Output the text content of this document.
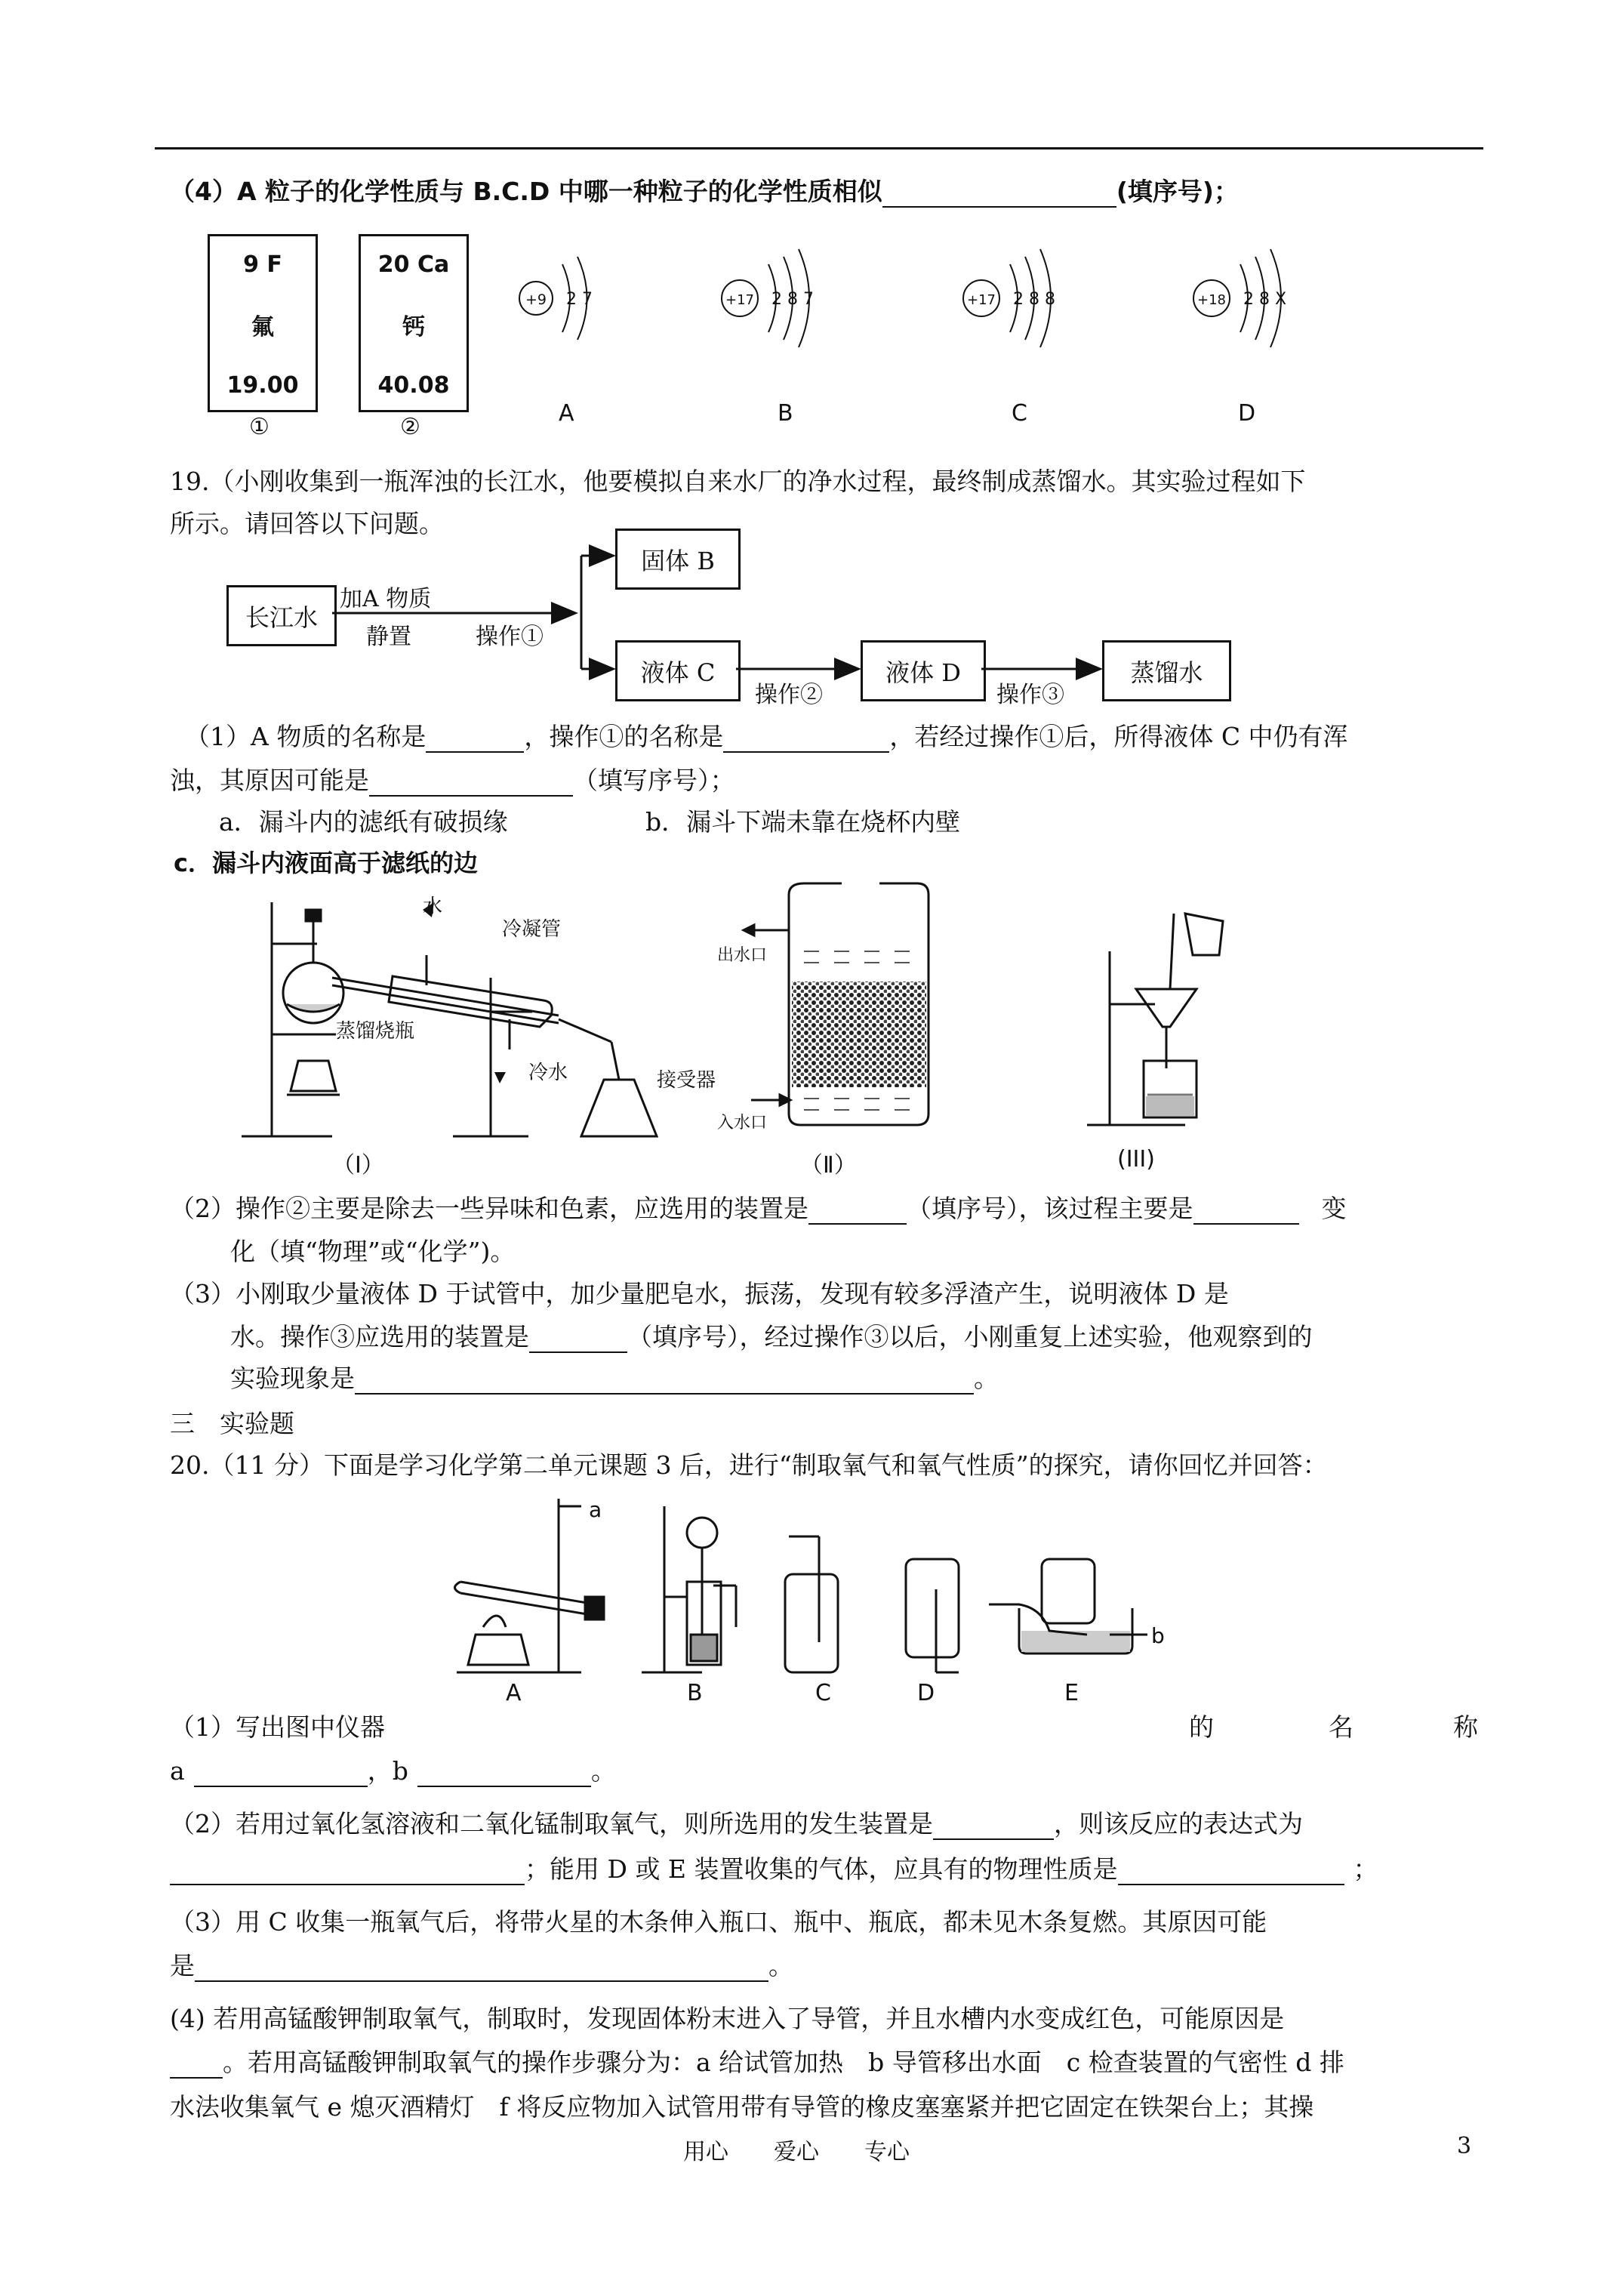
（4）A 粒子的化学性质与 B.C.D 中哪一种粒子的化学性质相似	(填序号)；
9 F
氟
19.00
①
20 Ca
钙
40.08
②
+9 2 7	+17 2 8 7	+17 2 8 8	+18 2 8 X
A	B	C	D
19.（小刚收集到一瓶浑浊的长江水，他要模拟自来水厂的净水过程，最终制成蒸馏水。其实验过程如下
所示。请回答以下问题。
长江水
固体 B
液体 C	液体 D	蒸馏水
加A 物质
静置	操作①
操作②	操作③
（1）A 物质的名称是	，操作①的名称是	，若经过操作①后，所得液体 C 中仍有浑
浊，其原因可能是	（填写序号）；
a．漏斗内的滤纸有破损缘	b．漏斗下端未靠在烧杯内壁
c．漏斗内液面高于滤纸的边
水
冷凝管
蒸馏烧瓶
冷水	接受器
（Ⅰ）
出水口
入水口
（Ⅱ）	(III)
（2）操作②主要是除去一些异味和色素，应选用的装置是	（填序号），该过程主要是	变
化（填“物理”或“化学”)。
（3）小刚取少量液体 D 于试管中，加少量肥皂水，振荡，发现有较多浮渣产生，说明液体 D 是
水。操作③应选用的装置是	（填序号），经过操作③以后，小刚重复上述实验，他观察到的
实验现象是	。
三　实验题
20.（11 分）下面是学习化学第二单元课题 3 后，进行“制取氧气和氧气性质”的探究，请你回忆并回答：
a
b
A	B	C	D	E
（1）写出图中仪器	的	名	称
a	，b	。
（2）若用过氧化氢溶液和二氧化锰制取氧气，则所选用的发生装置是	，则该反应的表达式为
；能用 D 或 E 装置收集的气体，应具有的物理性质是	；
（3）用 C 收集一瓶氧气后，将带火星的木条伸入瓶口、瓶中、瓶底，都未见木条复燃。其原因可能
是	。
(4) 若用高锰酸钾制取氧气，制取时，发现固体粉末进入了导管，并且水槽内水变成红色，可能原因是
。若用高锰酸钾制取氧气的操作步骤分为：a 给试管加热　b 导管移出水面　c 检查装置的气密性 d 排
水法收集氧气 e 熄灭酒精灯　f 将反应物加入试管用带有导管的橡皮塞塞紧并把它固定在铁架台上；其操
用心　　爱心　　专心	3
